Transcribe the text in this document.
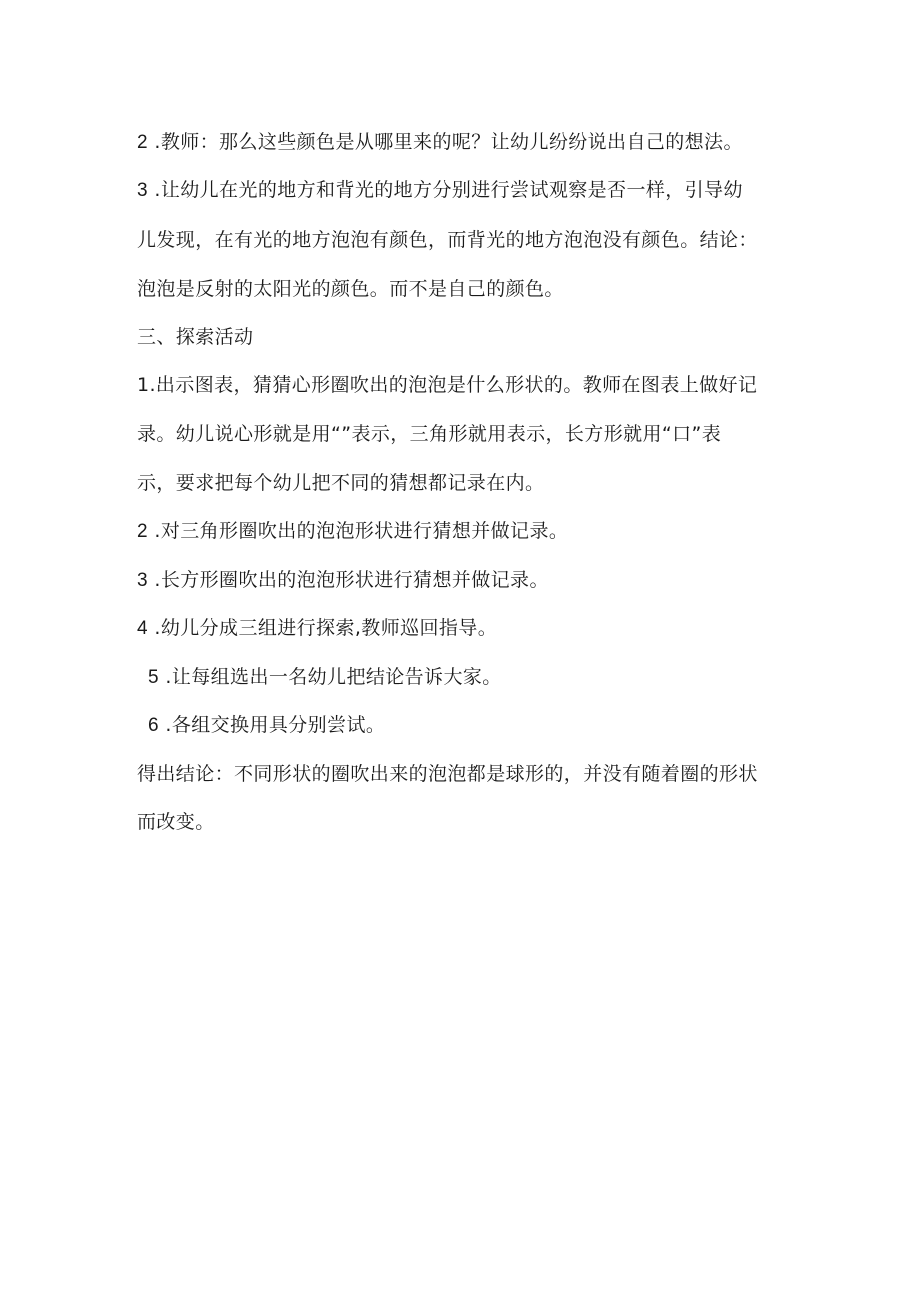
2 .教师：那么这些颜色是从哪里来的呢？让幼儿纷纷说出自己的想法。
3 .让幼儿在光的地方和背光的地方分别进行尝试观察是否一样，引导幼
儿发现，在有光的地方泡泡有颜色，而背光的地方泡泡没有颜色。结论：
泡泡是反射的太阳光的颜色。而不是自己的颜色。
三、探索活动
1.出示图表，猜猜心形圈吹出的泡泡是什么形状的。教师在图表上做好记
录。幼儿说心形就是用“”表示，三角形就用表示，长方形就用“口”表
示，要求把每个幼儿把不同的猜想都记录在内。
2 .对三角形圈吹出的泡泡形状进行猜想并做记录。
3 .长方形圈吹出的泡泡形状进行猜想并做记录。
4 .幼儿分成三组进行探索,教师巡回指导。
5 .让每组选出一名幼儿把结论告诉大家。
6 .各组交换用具分别尝试。
得出结论：不同形状的圈吹出来的泡泡都是球形的，并没有随着圈的形状
而改变。
